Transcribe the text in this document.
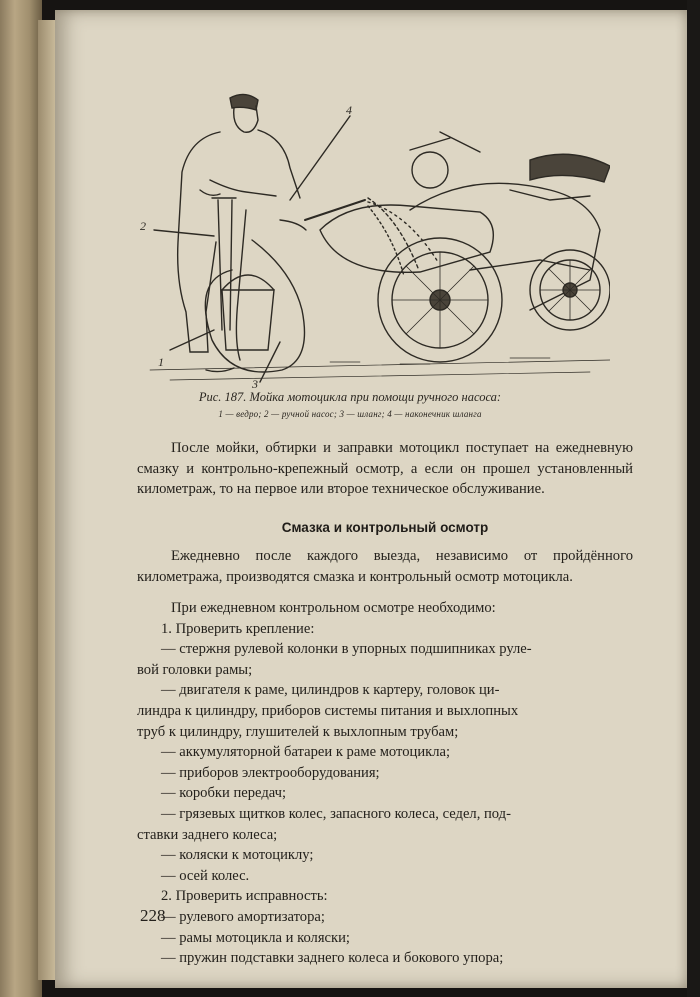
1
2
3
4
Рис. 187. Мойка мотоцикла при помощи ручного насоса:
1 — ведро; 2 — ручной насос; 3 — шланг; 4 — наконечник шланга
После мойки, обтирки и заправки мотоцикл поступает на ежедневную смазку и контрольно-крепежный осмотр, а если он прошел установленный километраж, то на первое или второе техническое обслуживание.
Смазка и контрольный осмотр
Ежедневно после каждого выезда, независимо от пройдённого километража, производятся смазка и контрольный осмотр мотоцикла.
При ежедневном контрольном осмотре необходимо:
1. Проверить крепление:
— стержня рулевой колонки в упорных подшипниках руле-
вой головки рамы;
— двигателя к раме, цилиндров к картеру, головок ци-
линдра к цилиндру, приборов системы питания и выхлопных
труб к цилиндру, глушителей к выхлопным трубам;
— аккумуляторной батареи к раме мотоцикла;
— приборов электрооборудования;
— коробки передач;
— грязевых щитков колес, запасного колеса, седел, под-
ставки заднего колеса;
— коляски к мотоциклу;
— осей колес.
2. Проверить исправность:
— рулевого амортизатора;
— рамы мотоцикла и коляски;
— пружин подставки заднего колеса и бокового упора;
228
